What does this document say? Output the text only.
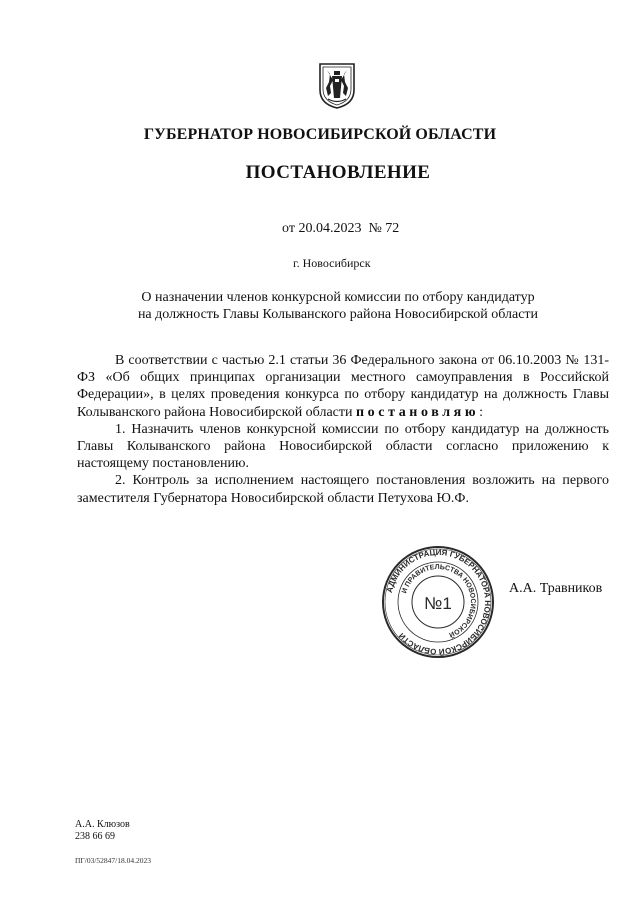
ГУБЕРНАТОР НОВОСИБИРСКОЙ ОБЛАСТИ
ПОСТАНОВЛЕНИЕ
от 20.04.2023 № 72
г. Новосибирск
О назначении членов конкурсной комиссии по отбору кандидатур
на должность Главы Колыванского района Новосибирской области

В соответствии с частью 2.1 статьи 36 Федерального закона от 06.10.2003 № 131-ФЗ «Об общих принципах организации местного самоуправления в Российской Федерации», в целях проведения конкурса по отбору кандидатур на должность Главы Колыванского района Новосибирской области постановляю:

1. Назначить членов конкурсной комиссии по отбору кандидатур на должность Главы Колыванского района Новосибирской области согласно приложению к настоящему постановлению.

2. Контроль за исполнением настоящего постановления возложить на первого заместителя Губернатора Новосибирской области Петухова Ю.Ф.

АДМИНИСТРАЦИЯ ГУБЕРНАТОРА НОВОСИБИРСКОЙ ОБЛАСТИ
И ПРАВИТЕЛЬСТВА НОВОСИБИРСКОЙ
№1
А.А. Травников
А.А. Клюзов
238 66 69
ПГ/03/52847/18.04.2023
